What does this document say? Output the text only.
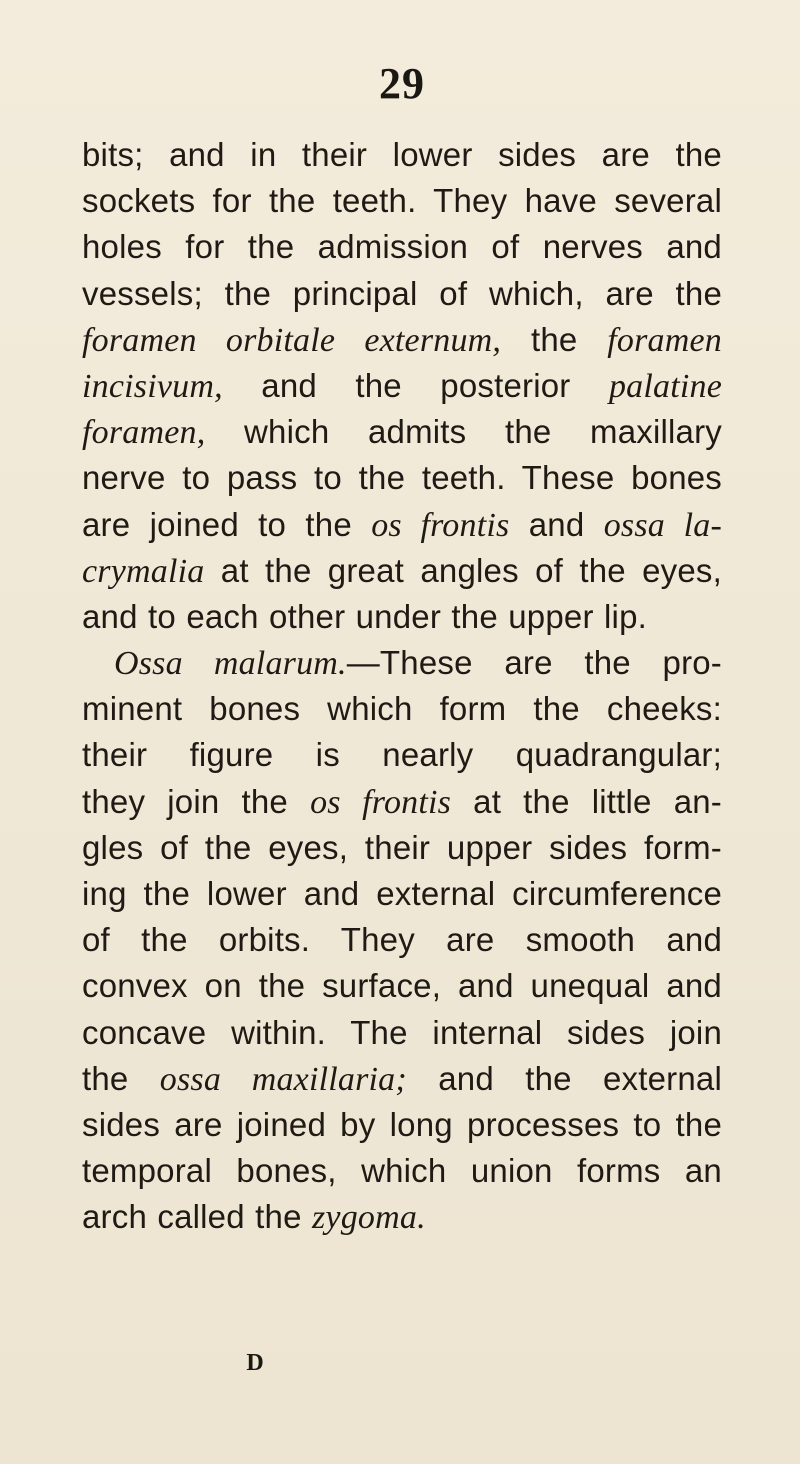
29
bits; and in their lower sides are the
sockets for the teeth. They have several
holes for the admission of nerves and
vessels; the principal of which, are the
foramen orbitale externum, the foramen
incisivum, and the posterior palatine
foramen, which admits the maxillary
nerve to pass to the teeth. These bones
are joined to the os frontis and ossa la-
crymalia at the great angles of the eyes,
and to each other under the upper lip.
Ossa malarum.—These are the pro-
minent bones which form the cheeks:
their figure is nearly quadrangular;
they join the os frontis at the little an-
gles of the eyes, their upper sides form-
ing the lower and external circumference
of the orbits. They are smooth and
convex on the surface, and unequal and
concave within. The internal sides join
the ossa maxillaria; and the external
sides are joined by long processes to the
temporal bones, which union forms an
arch called the zygoma.
D
